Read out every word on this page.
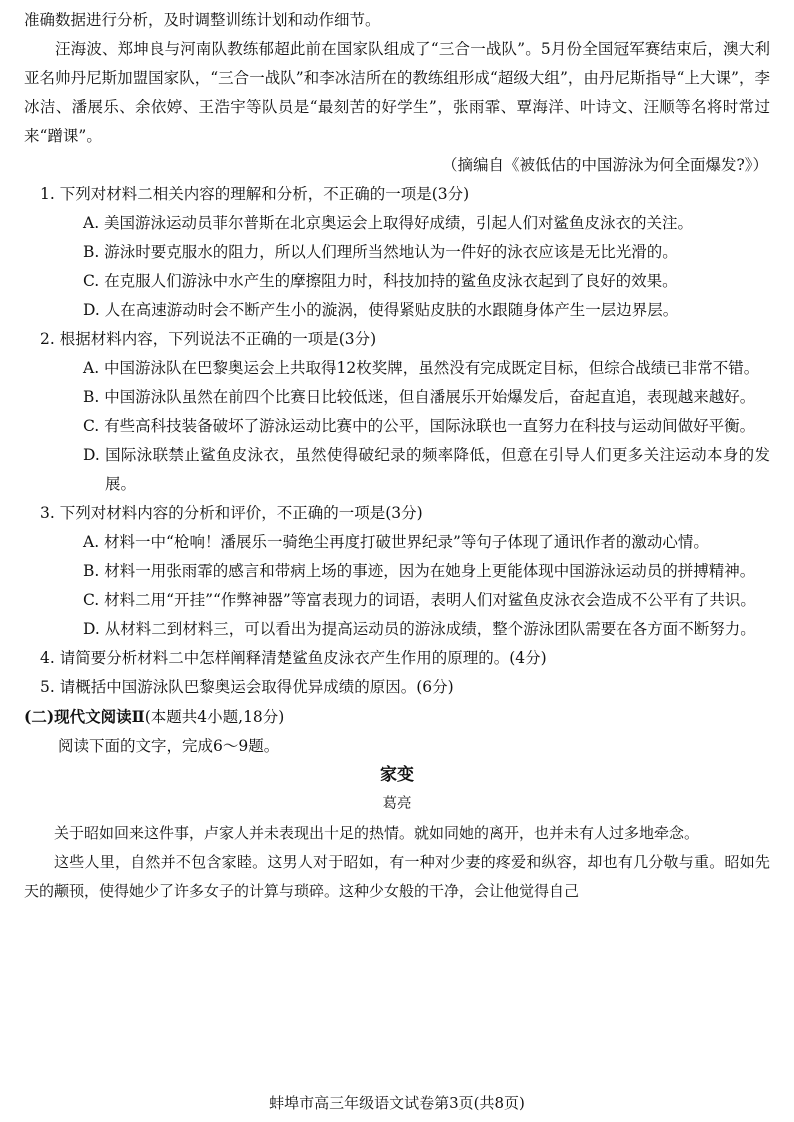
准确数据进行分析，及时调整训练计划和动作细节。

汪海波、郑坤良与河南队教练郁超此前在国家队组成了“三合一战队”。5月份全国冠军赛结束后，澳大利亚名帅丹尼斯加盟国家队，“三合一战队”和李冰洁所在的教练组形成“超级大组”，由丹尼斯指导“上大课”，李冰洁、潘展乐、余依婷、王浩宇等队员是“最刻苦的好学生”，张雨霏、覃海洋、叶诗文、汪顺等名将时常过来“蹭课”。

（摘编自《被低估的中国游泳为何全面爆发?》）

1. 下列对材料二相关内容的理解和分析，不正确的一项是(3分)

A. 美国游泳运动员菲尔普斯在北京奥运会上取得好成绩，引起人们对鲨鱼皮泳衣的关注。

B. 游泳时要克服水的阻力，所以人们理所当然地认为一件好的泳衣应该是无比光滑的。

C. 在克服人们游泳中水产生的摩擦阻力时，科技加持的鲨鱼皮泳衣起到了良好的效果。

D. 人在高速游动时会不断产生小的漩涡，使得紧贴皮肤的水跟随身体产生一层边界层。

2. 根据材料内容，下列说法不正确的一项是(3分)

A. 中国游泳队在巴黎奥运会上共取得12枚奖牌，虽然没有完成既定目标，但综合战绩已非常不错。

B. 中国游泳队虽然在前四个比赛日比较低迷，但自潘展乐开始爆发后，奋起直追，表现越来越好。

C. 有些高科技装备破坏了游泳运动比赛中的公平，国际泳联也一直努力在科技与运动间做好平衡。

D. 国际泳联禁止鲨鱼皮泳衣，虽然使得破纪录的频率降低，但意在引导人们更多关注运动本身的发展。

3. 下列对材料内容的分析和评价，不正确的一项是(3分)

A. 材料一中“枪响！潘展乐一骑绝尘再度打破世界纪录”等句子体现了通讯作者的激动心情。

B. 材料一用张雨霏的感言和带病上场的事迹，因为在她身上更能体现中国游泳运动员的拼搏精神。

C. 材料二用“开挂”“作弊神器”等富表现力的词语，表明人们对鲨鱼皮泳衣会造成不公平有了共识。

D. 从材料二到材料三，可以看出为提高运动员的游泳成绩，整个游泳团队需要在各方面不断努力。

4. 请简要分析材料二中怎样阐释清楚鲨鱼皮泳衣产生作用的原理的。(4分)

5. 请概括中国游泳队巴黎奥运会取得优异成绩的原因。(6分)

(二)现代文阅读Ⅱ(本题共4小题,18分)

阅读下面的文字，完成6～9题。

家变

葛亮

关于昭如回来这件事，卢家人并未表现出十足的热情。就如同她的离开，也并未有人过多地牵念。

这些人里，自然并不包含家睦。这男人对于昭如，有一种对少妻的疼爱和纵容，却也有几分敬与重。昭如先天的颟顸，使得她少了许多女子的计算与琐碎。这种少女般的干净，会让他觉得自己

蚌埠市高三年级语文试卷第3页(共8页)
